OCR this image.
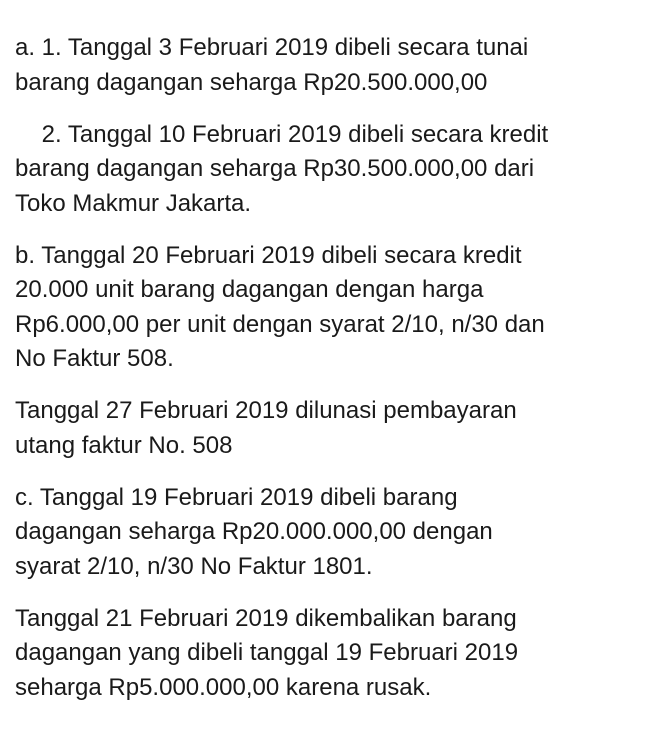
a. 1. Tanggal 3 Februari 2019 dibeli secara tunai
barang dagangan seharga Rp20.500.000,00

2. Tanggal 10 Februari 2019 dibeli secara kredit
barang dagangan seharga Rp30.500.000,00 dari
Toko Makmur Jakarta.

b. Tanggal 20 Februari 2019 dibeli secara kredit
20.000 unit barang dagangan dengan harga
Rp6.000,00 per unit dengan syarat 2/10, n/30 dan
No Faktur 508.

Tanggal 27 Februari 2019 dilunasi pembayaran
utang faktur No. 508

c. Tanggal 19 Februari 2019 dibeli barang
dagangan seharga Rp20.000.000,00 dengan
syarat 2/10, n/30 No Faktur 1801.

Tanggal 21 Februari 2019 dikembalikan barang
dagangan yang dibeli tanggal 19 Februari 2019
seharga Rp5.000.000,00 karena rusak.
